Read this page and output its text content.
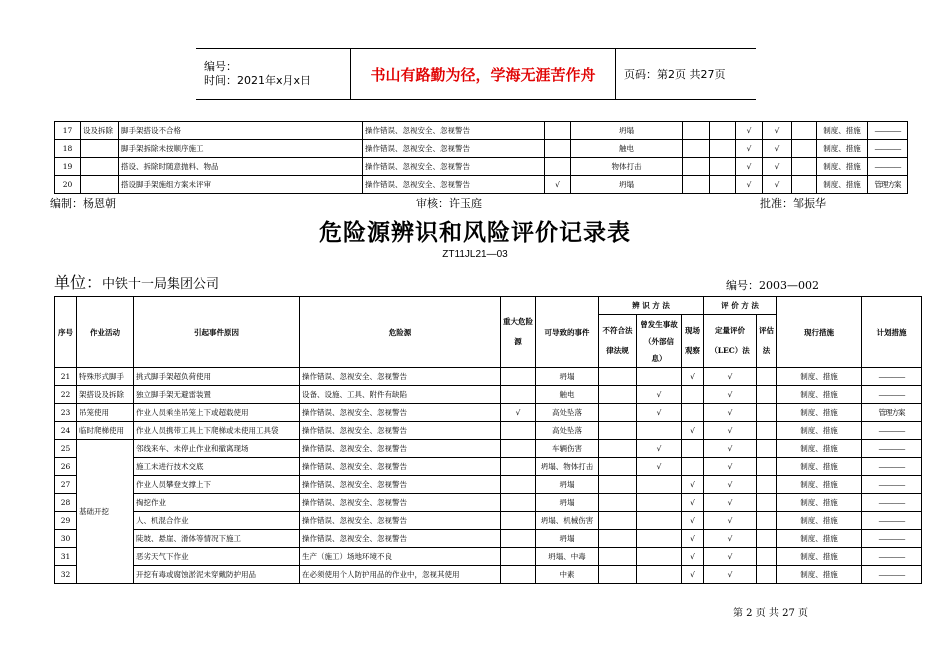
编号：
时间：2021年x月x日	书山有路勤为径，学海无涯苦作舟	页码：第2页 共27页
17	设及拆除	脚手架搭设不合格	操作错误、忽视安全、忽视警告		坍塌			√	√		制度、措施	————
18		脚手架拆除未按顺序施工	操作错误、忽视安全、忽视警告		触电			√	√		制度、措施	————
19		搭设、拆除时随意抛料、物品	操作错误、忽视安全、忽视警告		物体打击			√	√		制度、措施	————
20		搭设脚手架施组方案未评审	操作错误、忽视安全、忽视警告	√	坍塌			√	√		制度、措施	管理方案
编制：杨恩朝	审核：许玉庭	批准：邹振华
危险源辨识和风险评价记录表
ZT11JL21—03
单位：中铁十一局集团公司	编号：2003—002
序号	作业活动	引起事件原因	危险源	重大危险源	可导致的事件	辨 识 方 法			评 价 方 法		现行措施	计划措施
						不符合法律法规	曾发生事故（外部信息）	现场观察	定量评价（LEC）法	评估法		

21	特殊形式脚手	挑式脚手架超负荷使用	操作错误、忽视安全、忽视警告		坍塌			√	√		制度、措施	————
22	架搭设及拆除	独立脚手架无避雷装置	设备、设施、工具、附件有缺陷		触电		√		√		制度、措施	————
23	吊笼使用	作业人员乘坐吊笼上下或超载使用	操作错误、忽视安全、忽视警告	√	高处坠落		√		√		制度、措施	管理方案
24	临时爬梯使用	作业人员携带工具上下爬梯或未使用工具袋	操作错误、忽视安全、忽视警告		高处坠落			√	√		制度、措施	————
25	基础开挖	邻线来车、未停止作业和撤离现场	操作错误、忽视安全、忽视警告		车辆伤害		√		√		制度、措施	————
26		施工未进行技术交底	操作错误、忽视安全、忽视警告		坍塌、物体打击		√		√		制度、措施	————
27		作业人员攀登支撑上下	操作错误、忽视安全、忽视警告		坍塌			√	√		制度、措施	————
28		掏挖作业	操作错误、忽视安全、忽视警告		坍塌			√	√		制度、措施	————
29		人、机混合作业	操作错误、忽视安全、忽视警告		坍塌、机械伤害			√	√		制度、措施	————
30		陡坡、悬崖、滑体等情况下施工	操作错误、忽视安全、忽视警告		坍塌			√	√		制度、措施	————
31		恶劣天气下作业	生产（施工）场地环境不良		坍塌、中毒			√	√		制度、措施	————
32		开挖有毒或腐蚀淤泥未穿戴防护用品	在必须使用个人防护用品的作业中，忽视其使用		中素			√	√		制度、措施	————
第 2 页 共 27 页
